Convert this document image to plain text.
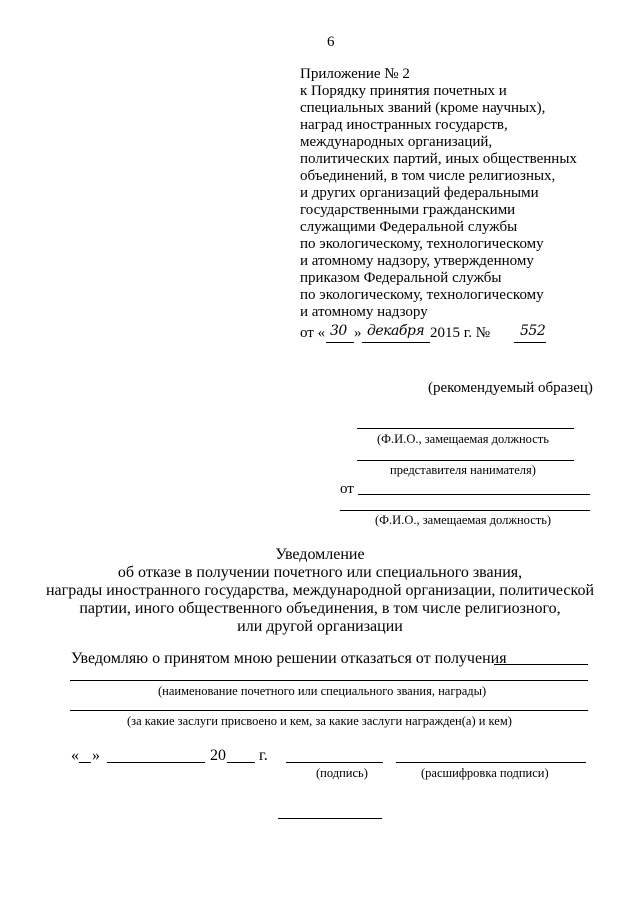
6
Приложение № 2
к Порядку принятия почетных и
специальных званий (кроме научных),
наград иностранных государств,
международных организаций,
политических партий, иных общественных
объединений, в том числе религиозных,
и других организаций федеральными
государственными гражданскими
служащими Федеральной службы
по экологическому, технологическому
и атомному надзору, утвержденному
приказом Федеральной службы
по экологическому, технологическому
и атомному надзору
от « 30 » декабря 2015 г. № 552
(рекомендуемый образец)
(Ф.И.О., замещаемая должность
представителя нанимателя)
от
(Ф.И.О., замещаемая должность)
Уведомление
об отказе в получении почетного или специального звания,
награды иностранного государства, международной организации, политической
партии, иного общественного объединения, в том числе религиозного,
или другой организации
Уведомляю о принятом мною решении отказаться от получения
(наименование почетного или специального звания, награды)
(за какие заслуги присвоено и кем, за какие заслуги награжден(а) и кем)
« »	20 г.
(подпись)	(расшифровка подписи)
